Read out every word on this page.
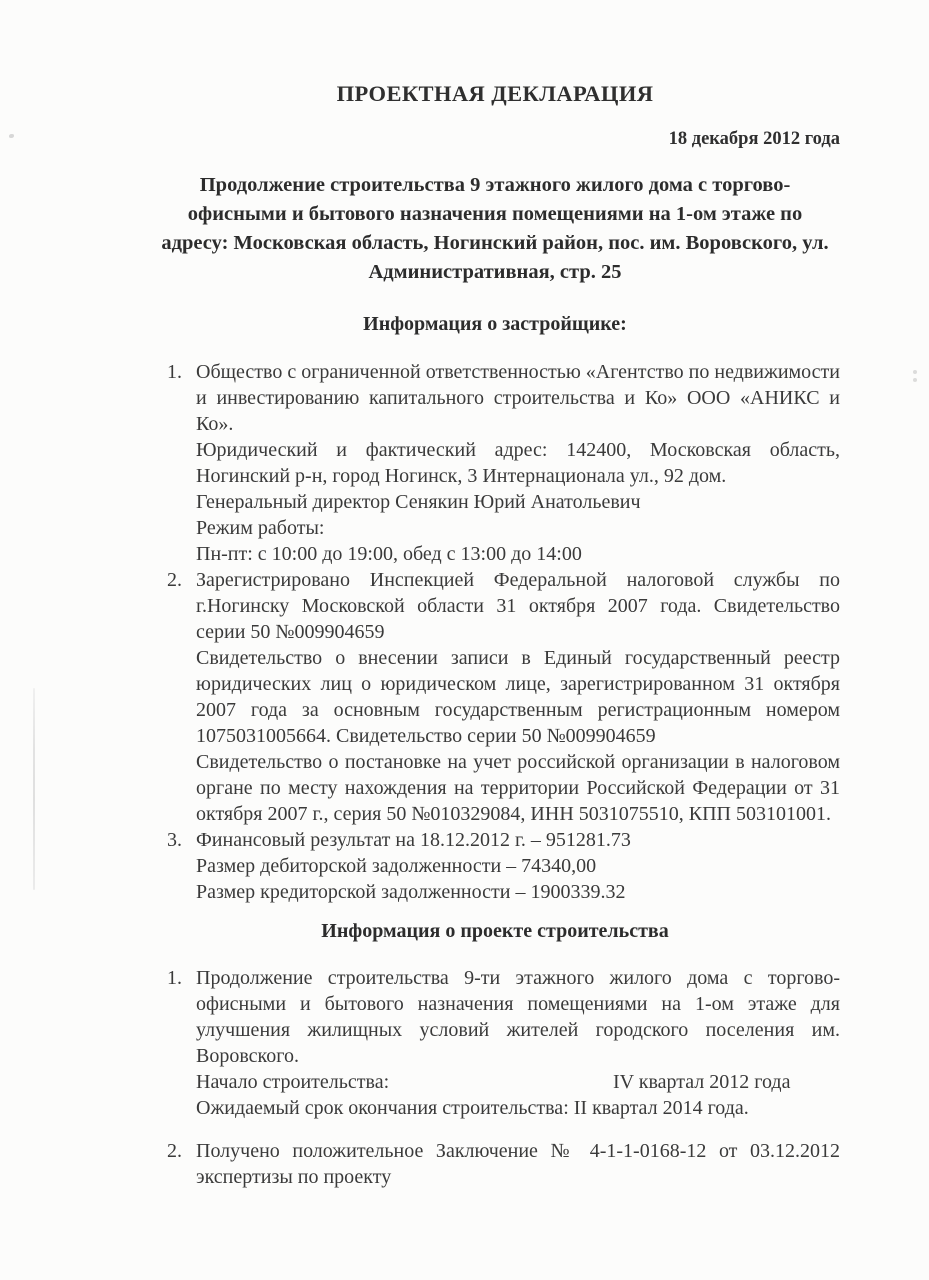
ПРОЕКТНАЯ ДЕКЛАРАЦИЯ
18 декабря 2012 года
Продолжение строительства 9 этажного жилого дома с торгово-
офисными и бытового назначения помещениями на 1-ом этаже по
адресу: Московская область, Ногинский район, пос. им. Воровского, ул.
Административная, стр. 25
Информация о застройщике:
1. Общество с ограниченной ответственностью «Агентство по недвижимости и инвестированию капитального строительства и Ко» ООО «АНИКС и Ко».

Юридический и фактический адрес: 142400, Московская область, Ногинский р-н, город Ногинск, 3 Интернационала ул., 92 дом.

Генеральный директор Сенякин Юрий Анатольевич

Режим работы:

Пн-пт: с 10:00 до 19:00, обед с 13:00 до 14:00

2. Зарегистрировано Инспекцией Федеральной налоговой службы по г.Ногинску Московской области 31 октября 2007 года. Свидетельство серии 50 №009904659

Свидетельство о внесении записи в Единый государственный реестр юридических лиц о юридическом лице, зарегистрированном 31 октября 2007 года за основным государственным регистрационным номером 1075031005664. Свидетельство серии 50 №009904659

Свидетельство о постановке на учет российской организации в налоговом органе по месту нахождения на территории Российской Федерации от 31 октября 2007 г., серия 50 №010329084, ИНН 5031075510, КПП 503101001.

3. Финансовый результат на 18.12.2012 г. – 951281.73

Размер дебиторской задолженности – 74340,00

Размер кредиторской задолженности – 1900339.32

Информация о проекте строительства
1. Продолжение строительства 9-ти этажного жилого дома с торгово-офисными и бытового назначения помещениями на 1-ом этаже для улучшения жилищных условий жителей городского поселения им. Воровского.

Начало строительства:	IV квартал 2012 года

Ожидаемый срок окончания строительства: II квартал 2014 года.

2. Получено положительное Заключение № 4-1-1-0168-12 от 03.12.2012 экспертизы по проекту
